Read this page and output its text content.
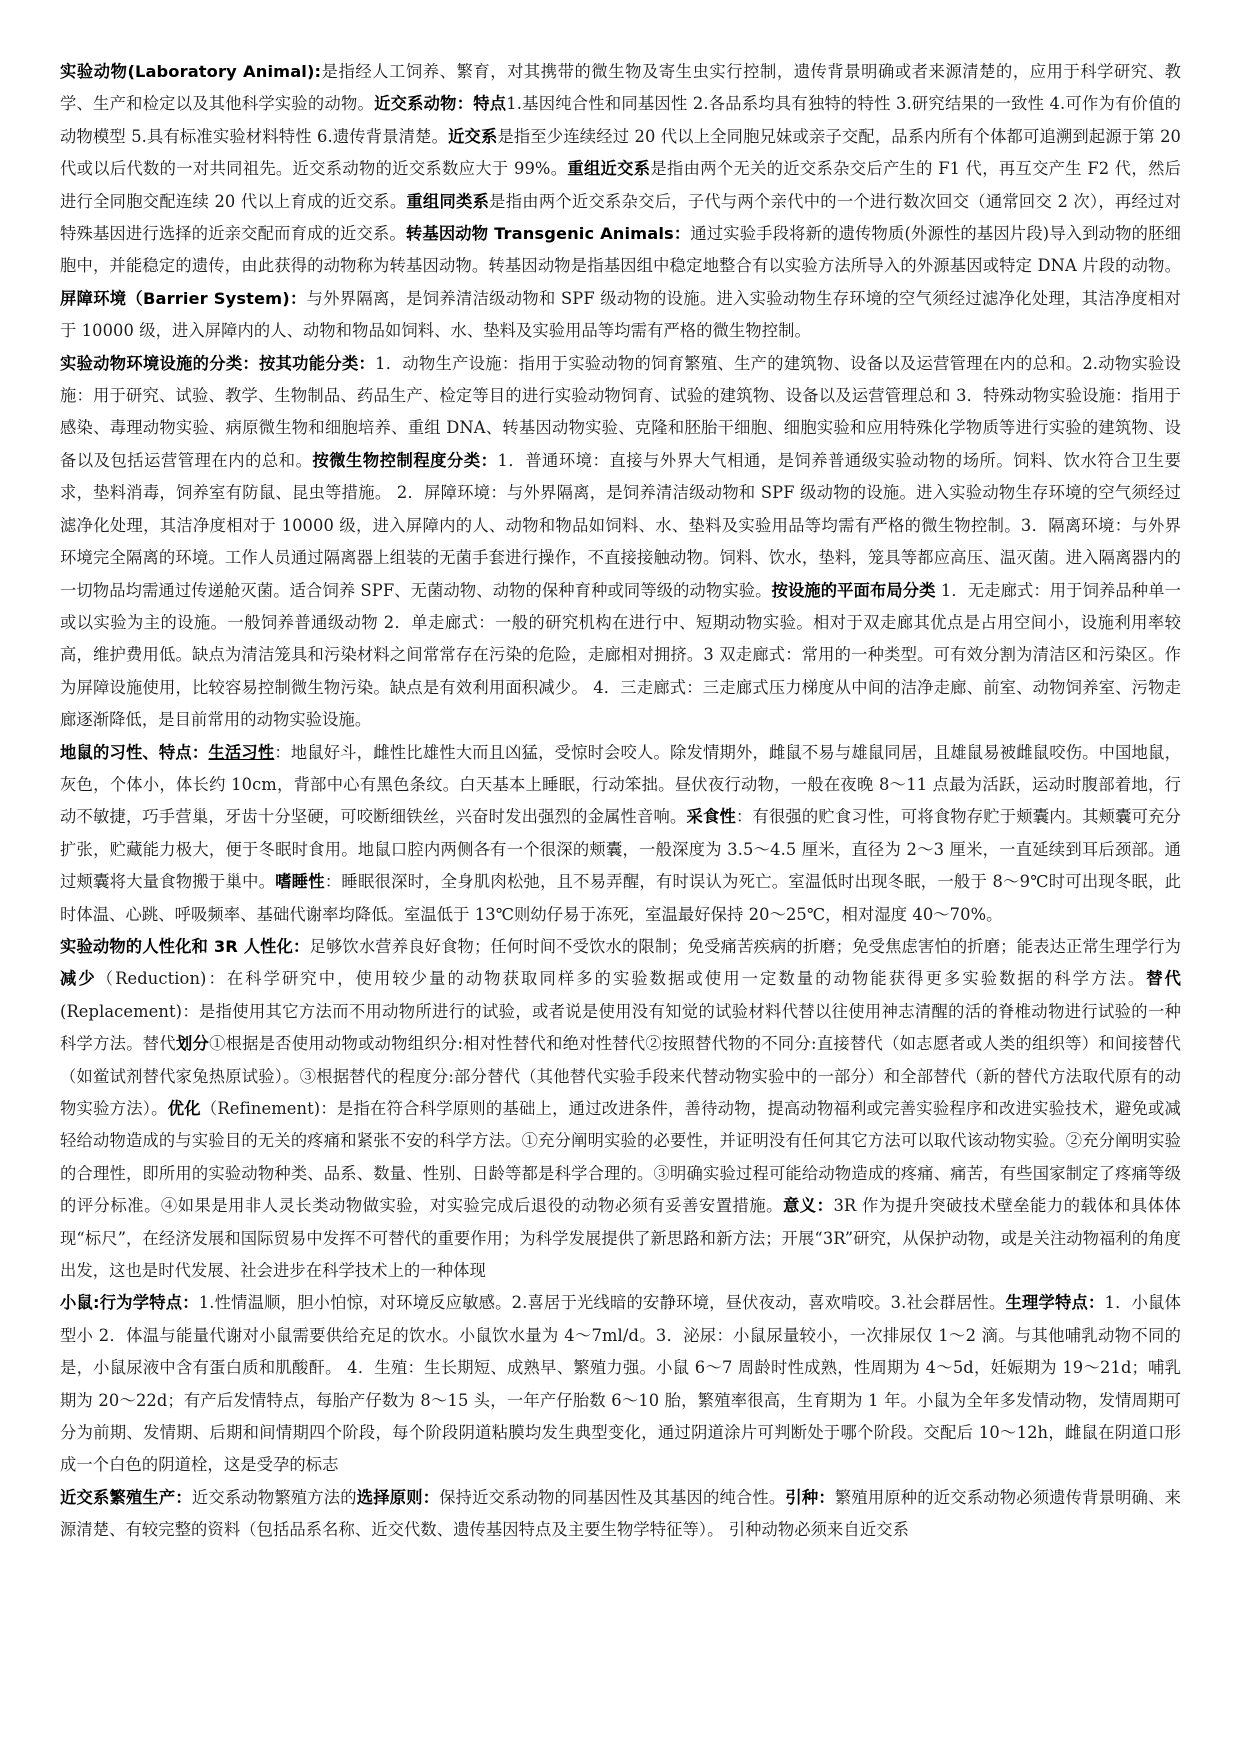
实验动物(Laboratory Animal):是指经人工饲养、繁育，对其携带的微生物及寄生虫实行控制，遗传背景明确或者来源清楚的，应用于科学研究、教学、生产和检定以及其他科学实验的动物。近交系动物：特点1.基因纯合性和同基因性 2.各品系均具有独特的特性 3.研究结果的一致性 4.可作为有价值的动物模型 5.具有标准实验材料特性 6.遗传背景清楚。近交系是指至少连续经过 20 代以上全同胞兄妹或亲子交配，品系内所有个体都可追溯到起源于第 20 代或以后代数的一对共同祖先。近交系动物的近交系数应大于 99%。重组近交系是指由两个无关的近交系杂交后产生的 F1 代，再互交产生 F2 代，然后进行全同胞交配连续 20 代以上育成的近交系。重组同类系是指由两个近交系杂交后，子代与两个亲代中的一个进行数次回交（通常回交 2 次），再经过对特殊基因进行选择的近亲交配而育成的近交系。转基因动物 Transgenic Animals：通过实验手段将新的遗传物质(外源性的基因片段)导入到动物的胚细胞中，并能稳定的遗传，由此获得的动物称为转基因动物。转基因动物是指基因组中稳定地整合有以实验方法所导入的外源基因或特定 DNA 片段的动物。屏障环境（Barrier System)：与外界隔离，是饲养清洁级动物和 SPF 级动物的设施。进入实验动物生存环境的空气须经过滤净化处理，其洁净度相对于 10000 级，进入屏障内的人、动物和物品如饲料、水、垫料及实验用品等均需有严格的微生物控制。

实验动物环境设施的分类：按其功能分类：1．动物生产设施：指用于实验动物的饲育繁殖、生产的建筑物、设备以及运营管理在内的总和。2.动物实验设施：用于研究、试验、教学、生物制品、药品生产、检定等目的进行实验动物饲育、试验的建筑物、设备以及运营管理总和 3．特殊动物实验设施：指用于感染、毒理动物实验、病原微生物和细胞培养、重组 DNA、转基因动物实验、克隆和胚胎干细胞、细胞实验和应用特殊化学物质等进行实验的建筑物、设备以及包括运营管理在内的总和。按微生物控制程度分类：1．普通环境：直接与外界大气相通，是饲养普通级实验动物的场所。饲料、饮水符合卫生要求，垫料消毒，饲养室有防鼠、昆虫等措施。 2．屏障环境：与外界隔离，是饲养清洁级动物和 SPF 级动物的设施。进入实验动物生存环境的空气须经过滤净化处理，其洁净度相对于 10000 级，进入屏障内的人、动物和物品如饲料、水、垫料及实验用品等均需有严格的微生物控制。3．隔离环境：与外界环境完全隔离的环境。工作人员通过隔离器上组装的无菌手套进行操作，不直接接触动物。饲料、饮水，垫料，笼具等都应高压、温灭菌。进入隔离器内的一切物品均需通过传递舱灭菌。适合饲养 SPF、无菌动物、动物的保种育种或同等级的动物实验。按设施的平面布局分类 1．无走廊式：用于饲养品种单一或以实验为主的设施。一般饲养普通级动物 2．单走廊式：一般的研究机构在进行中、短期动物实验。相对于双走廊其优点是占用空间小，设施利用率较高，维护费用低。缺点为清洁笼具和污染材料之间常常存在污染的危险，走廊相对拥挤。3 双走廊式：常用的一种类型。可有效分割为清洁区和污染区。作为屏障设施使用，比较容易控制微生物污染。缺点是有效利用面积减少。 4．三走廊式：三走廊式压力梯度从中间的洁净走廊、前室、动物饲养室、污物走廊逐渐降低，是目前常用的动物实验设施。

地鼠的习性、特点：生活习性：地鼠好斗，雌性比雄性大而且凶猛，受惊时会咬人。除发情期外，雌鼠不易与雄鼠同居，且雄鼠易被雌鼠咬伤。中国地鼠，灰色，个体小，体长约 10cm，背部中心有黑色条纹。白天基本上睡眠，行动笨拙。昼伏夜行动物，一般在夜晚 8～11 点最为活跃，运动时腹部着地，行动不敏捷，巧手营巢，牙齿十分坚硬，可咬断细铁丝，兴奋时发出强烈的金属性音响。采食性：有很强的贮食习性，可将食物存贮于颊囊内。其颊囊可充分扩张，贮藏能力极大，便于冬眠时食用。地鼠口腔内两侧各有一个很深的颊囊，一般深度为 3.5～4.5 厘米，直径为 2～3 厘米，一直延续到耳后颈部。通过颊囊将大量食物搬于巢中。嗜睡性：睡眠很深时，全身肌肉松弛，且不易弄醒，有时误认为死亡。室温低时出现冬眠，一般于 8～9℃时可出现冬眠，此时体温、心跳、呼吸频率、基础代谢率均降低。室温低于 13℃则幼仔易于冻死，室温最好保持 20～25℃，相对湿度 40～70%。

实验动物的人性化和 3R 人性化：足够饮水营养良好食物；任何时间不受饮水的限制；免受痛苦疾病的折磨；免受焦虑害怕的折磨；能表达正常生理学行为减少（Reduction)：在科学研究中，使用较少量的动物获取同样多的实验数据或使用一定数量的动物能获得更多实验数据的科学方法。替代(Replacement)：是指使用其它方法而不用动物所进行的试验，或者说是使用没有知觉的试验材料代替以往使用神志清醒的活的脊椎动物进行试验的一种科学方法。替代划分①根据是否使用动物或动物组织分:相对性替代和绝对性替代②按照替代物的不同分:直接替代（如志愿者或人类的组织等）和间接替代（如鲎试剂替代家兔热原试验）。③根据替代的程度分:部分替代（其他替代实验手段来代替动物实验中的一部分）和全部替代（新的替代方法取代原有的动物实验方法）。优化（Refinement)：是指在符合科学原则的基础上，通过改进条件，善待动物，提高动物福利或完善实验程序和改进实验技术，避免或减轻给动物造成的与实验目的无关的疼痛和紧张不安的科学方法。①充分阐明实验的必要性，并证明没有任何其它方法可以取代该动物实验。②充分阐明实验的合理性，即所用的实验动物种类、品系、数量、性别、日龄等都是科学合理的。③明确实验过程可能给动物造成的疼痛、痛苦，有些国家制定了疼痛等级的评分标准。④如果是用非人灵长类动物做实验，对实验完成后退役的动物必须有妥善安置措施。意义：3R 作为提升突破技术壁垒能力的载体和具体体现“标尺”，在经济发展和国际贸易中发挥不可替代的重要作用；为科学发展提供了新思路和新方法；开展“3R”研究，从保护动物，或是关注动物福利的角度出发，这也是时代发展、社会进步在科学技术上的一种体现

小鼠:行为学特点：1.性情温顺，胆小怕惊，对环境反应敏感。2.喜居于光线暗的安静环境，昼伏夜动，喜欢啃咬。3.社会群居性。生理学特点：1．小鼠体型小 2．体温与能量代谢对小鼠需要供给充足的饮水。小鼠饮水量为 4～7ml/d。3．泌尿：小鼠尿量较小，一次排尿仅 1～2 滴。与其他哺乳动物不同的是，小鼠尿液中含有蛋白质和肌酸酐。 4．生殖：生长期短、成熟早、繁殖力强。小鼠 6～7 周龄时性成熟，性周期为 4～5d，妊娠期为 19～21d；哺乳期为 20～22d；有产后发情特点，每胎产仔数为 8～15 头，一年产仔胎数 6～10 胎，繁殖率很高，生育期为 1 年。小鼠为全年多发情动物，发情周期可分为前期、发情期、后期和间情期四个阶段，每个阶段阴道粘膜均发生典型变化，通过阴道涂片可判断处于哪个阶段。交配后 10～12h，雌鼠在阴道口形成一个白色的阴道栓，这是受孕的标志

近交系繁殖生产：近交系动物繁殖方法的选择原则：保持近交系动物的同基因性及其基因的纯合性。引种：繁殖用原种的近交系动物必须遗传背景明确、来源清楚、有较完整的资料（包括品系名称、近交代数、遗传基因特点及主要生物学特征等）。 引种动物必须来自近交系
